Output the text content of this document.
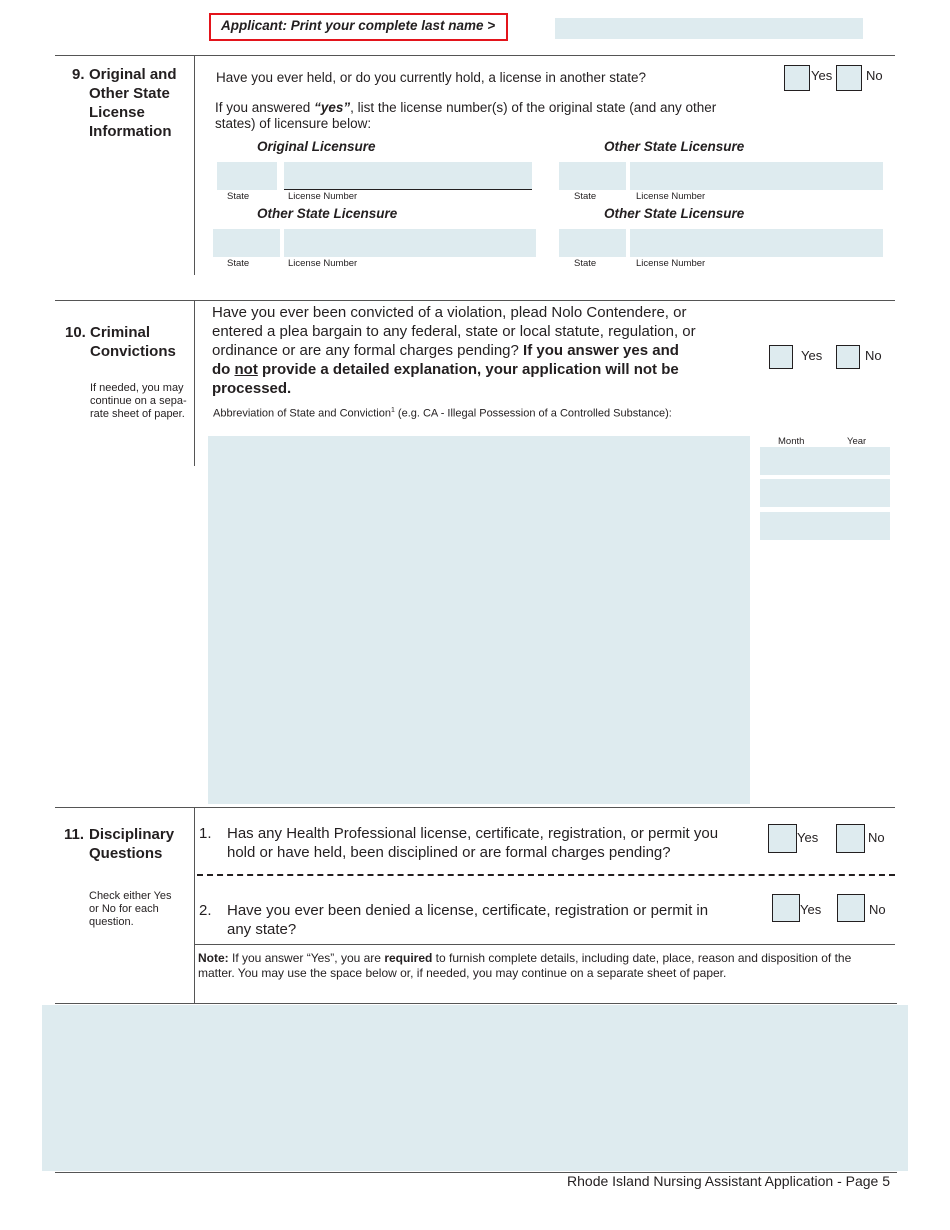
Applicant: Print your complete last name >
9. Original and
Other State
License
Information
Have you ever held, or do you currently hold, a license in another state?	Yes	No
If you answered “yes”, list the license number(s) of the original state (and any other
states) of licensure below:
Original Licensure	Other State Licensure
State	License Number	State	License Number
Other State Licensure	Other State Licensure
State	License Number	State	License Number
10. Criminal
Convictions
If needed, you may
continue on a sepa-
rate sheet of paper.
Have you ever been convicted of a violation, plead Nolo Contendere, or
entered a plea bargain to any federal, state or local statute, regulation, or
ordinance or are any formal charges pending? If you answer yes and
do not provide a detailed explanation, your application will not be
processed.
Yes	No
Abbreviation of State and Conviction$^1$ (e.g. CA - Illegal Possession of a Controlled Substance):
Month	Year
11. Disciplinary
Questions
Check either Yes
or No for each
question.
1.	Has any Health Professional license, certificate, registration, or permit you
hold or have held, been disciplined or are formal charges pending?
Yes	No
2.	Have you ever been denied a license, certificate, registration or permit in
any state?
Yes	No
Note: If you answer “Yes”, you are required to furnish complete details, including date, place, reason and disposition of the
matter. You may use the space below or, if needed, you may continue on a separate sheet of paper.
Rhode Island Nursing Assistant Application - Page 5
